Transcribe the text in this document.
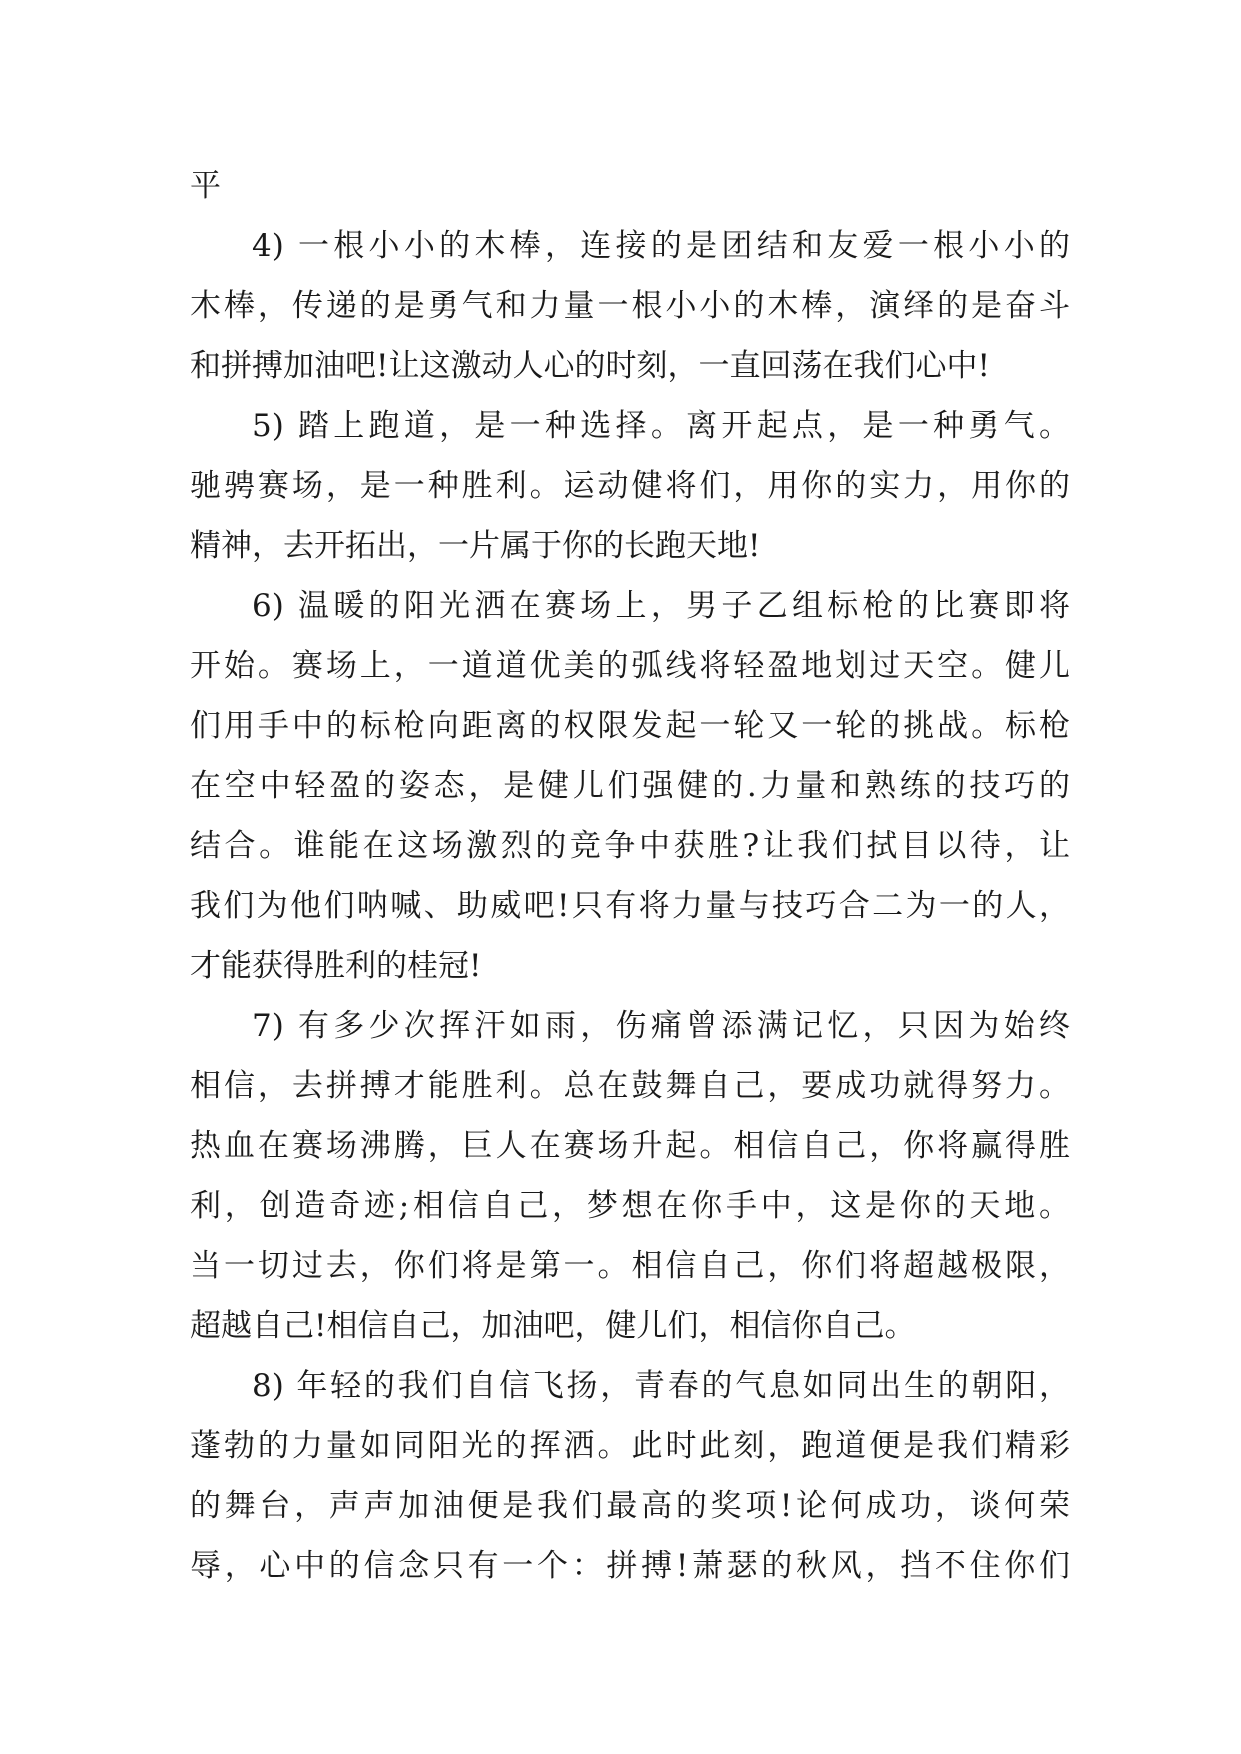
平

4) 一根小小的木棒，连接的是团结和友爱一根小小的
木棒，传递的是勇气和力量一根小小的木棒，演绎的是奋斗
和拼搏加油吧!让这激动人心的时刻，一直回荡在我们心中!

5) 踏上跑道，是一种选择。离开起点，是一种勇气。
驰骋赛场，是一种胜利。运动健将们，用你的实力，用你的
精神，去开拓出，一片属于你的长跑天地!

6) 温暖的阳光洒在赛场上，男子乙组标枪的比赛即将
开始。赛场上，一道道优美的弧线将轻盈地划过天空。健儿
们用手中的标枪向距离的权限发起一轮又一轮的挑战。标枪
在空中轻盈的姿态，是健儿们强健的.力量和熟练的技巧的
结合。谁能在这场激烈的竞争中获胜?让我们拭目以待，让
我们为他们呐喊、助威吧!只有将力量与技巧合二为一的人，
才能获得胜利的桂冠!

7) 有多少次挥汗如雨，伤痛曾添满记忆，只因为始终
相信，去拼搏才能胜利。总在鼓舞自己，要成功就得努力。
热血在赛场沸腾，巨人在赛场升起。相信自己，你将赢得胜
利，创造奇迹;相信自己，梦想在你手中，这是你的天地。
当一切过去，你们将是第一。相信自己，你们将超越极限，
超越自己!相信自己，加油吧，健儿们，相信你自己。

8) 年轻的我们自信飞扬，青春的气息如同出生的朝阳，
蓬勃的力量如同阳光的挥洒。此时此刻，跑道便是我们精彩
的舞台，声声加油便是我们最高的奖项!论何成功，谈何荣
辱，心中的信念只有一个：拼搏!萧瑟的秋风，挡不住你们
